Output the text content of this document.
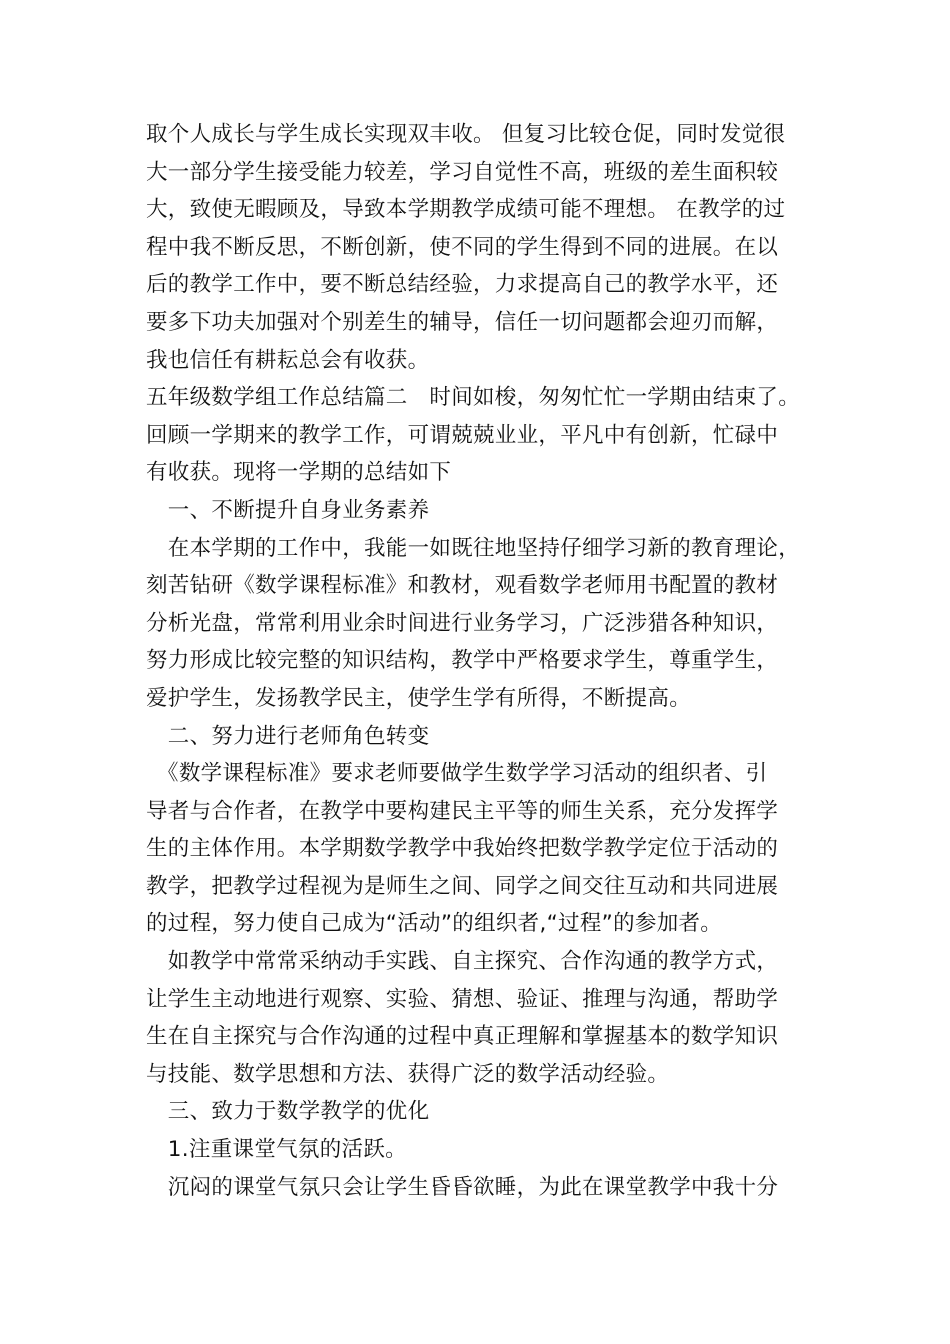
取个人成长与学生成长实现双丰收。 但复习比较仓促，同时发觉很

大一部分学生接受能力较差，学习自觉性不高，班级的差生面积较

大，致使无暇顾及，导致本学期教学成绩可能不理想。 在教学的过

程中我不断反思，不断创新，使不同的学生得到不同的进展。在以

后的教学工作中，要不断总结经验，力求提高自己的教学水平，还

要多下功夫加强对个别差生的辅导，信任一切问题都会迎刃而解，

我也信任有耕耘总会有收获。

五年级数学组工作总结篇二　时间如梭，匆匆忙忙一学期由结束了。

回顾一学期来的教学工作，可谓兢兢业业，平凡中有创新，忙碌中

有收获。现将一学期的总结如下

　一、不断提升自身业务素养

　在本学期的工作中，我能一如既往地坚持仔细学习新的教育理论，

刻苦钻研《数学课程标准》和教材，观看数学老师用书配置的教材

分析光盘，常常利用业余时间进行业务学习，广泛涉猎各种知识，

努力形成比较完整的知识结构，教学中严格要求学生，尊重学生，

爱护学生，发扬教学民主，使学生学有所得，不断提高。

　二、努力进行老师角色转变

　《数学课程标准》要求老师要做学生数学学习活动的组织者、引

导者与合作者，在教学中要构建民主平等的师生关系，充分发挥学

生的主体作用。本学期数学教学中我始终把数学教学定位于活动的

教学，把教学过程视为是师生之间、同学之间交往互动和共同进展

的过程，努力使自己成为“活动”的组织者,“过程”的参加者。

　如教学中常常采纳动手实践、自主探究、合作沟通的教学方式，

让学生主动地进行观察、实验、猜想、验证、推理与沟通，帮助学

生在自主探究与合作沟通的过程中真正理解和掌握基本的数学知识

与技能、数学思想和方法、获得广泛的数学活动经验。

　三、致力于数学教学的优化

　1.注重课堂气氛的活跃。

　沉闷的课堂气氛只会让学生昏昏欲睡，为此在课堂教学中我十分
